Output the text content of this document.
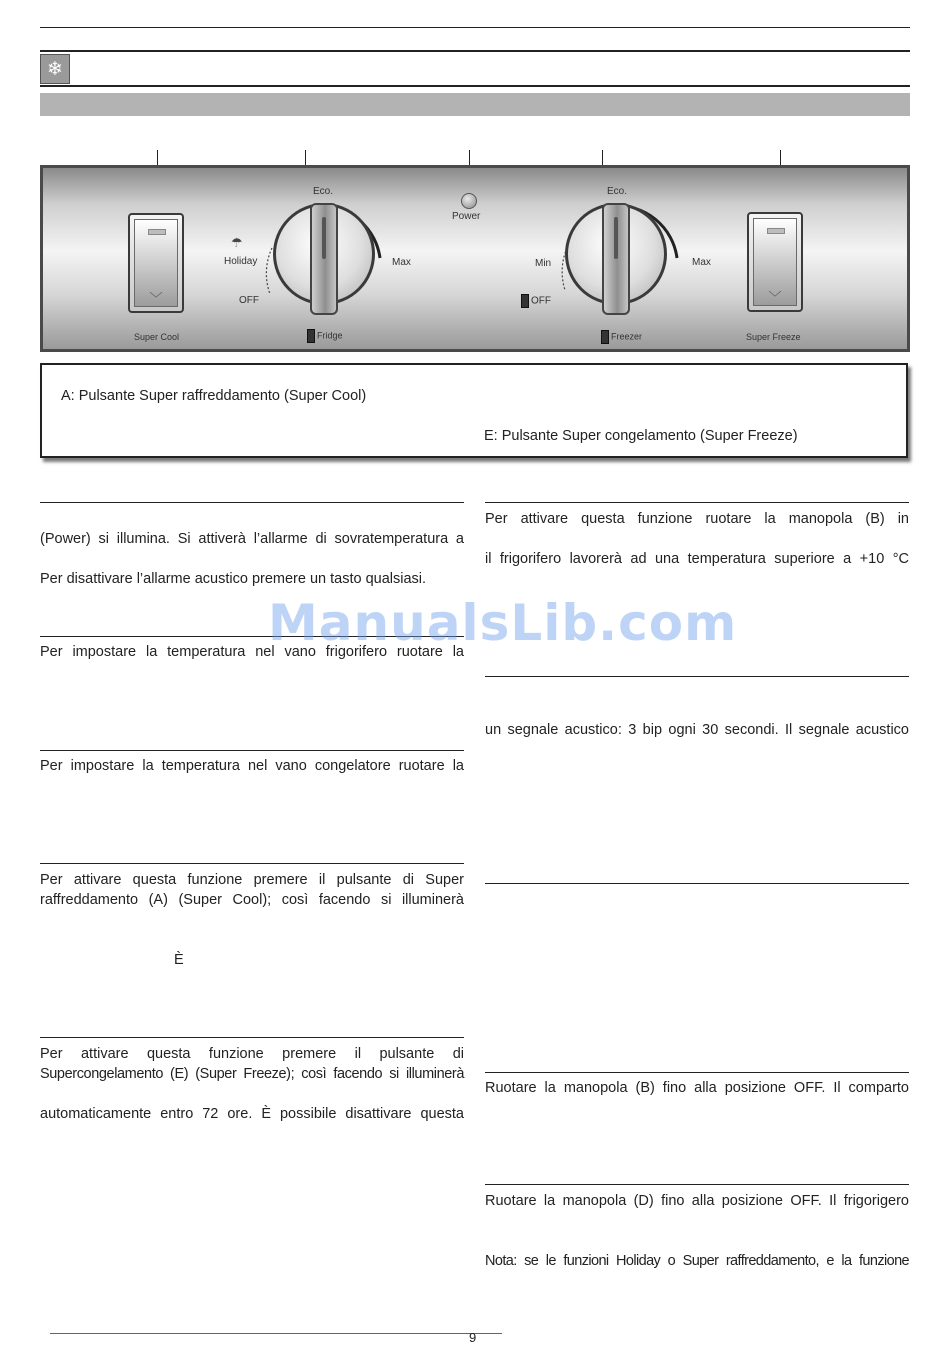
❄
﹀
Super Cool
Eco.
Max
☂
Holiday
OFF
Fridge
Power
Eco.
Max
Min
OFF
Freezer
﹀
Super Freeze
A: Pulsante Super raffreddamento (Super Cool)
E: Pulsante Super congelamento (Super Freeze)
(Power) si illumina. Si attiverà l’allarme di sovratemperatura a
Per disattivare l’allarme acustico premere un tasto qualsiasi.
Per impostare la temperatura nel vano frigorifero ruotare la
Per impostare la temperatura nel vano congelatore ruotare la
Per attivare questa funzione premere il pulsante di Super
raffreddamento (A) (Super Cool); così facendo si illuminerà
È
Per attivare questa funzione premere il pulsante di
Supercongelamento (E) (Super Freeze); così facendo si illuminerà
automaticamente entro 72 ore. È possibile disattivare questa
Per attivare questa funzione ruotare la manopola (B) in
il frigorifero lavorerà ad una temperatura superiore a +10 °C
un segnale acustico: 3 bip ogni 30 secondi. Il segnale acustico
Ruotare la manopola (B) fino alla posizione OFF. Il comparto
Ruotare la manopola (D) fino alla posizione OFF. Il frigorigero
Nota: se le funzioni Holiday o Super raffreddamento, e la funzione
ManualsLib.com
9
